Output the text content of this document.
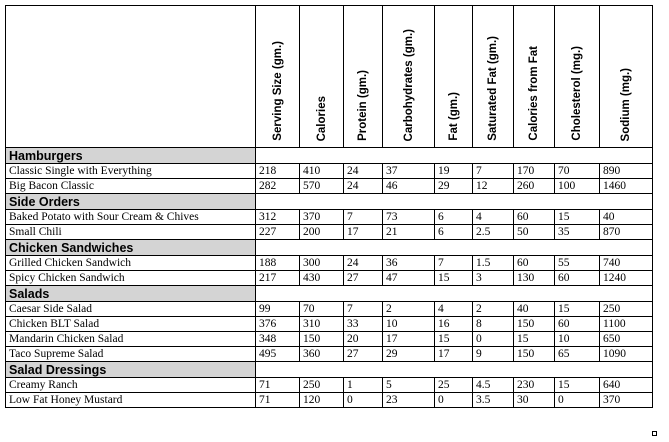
	Serving Size (gm.)	Calories	Protein (gm.)	Carbohydrates (gm.)	Fat (gm.)	Saturated Fat (gm.)	Calories from Fat	Cholesterol (mg.)	Sodium (mg.)

Hamburgers									
Classic Single with Everything	218	410	24	37	19	7	170	70	890
Big Bacon Classic	282	570	24	46	29	12	260	100	1460
Side Orders									
Baked Potato with Sour Cream & Chives	312	370	7	73	6	4	60	15	40
Small Chili	227	200	17	21	6	2.5	50	35	870
Chicken Sandwiches									
Grilled Chicken Sandwich	188	300	24	36	7	1.5	60	55	740
Spicy Chicken Sandwich	217	430	27	47	15	3	130	60	1240
Salads									
Caesar Side Salad	99	70	7	2	4	2	40	15	250
Chicken BLT Salad	376	310	33	10	16	8	150	60	1100
Mandarin Chicken Salad	348	150	20	17	15	0	15	10	650
Taco Supreme Salad	495	360	27	29	17	9	150	65	1090
Salad Dressings									
Creamy Ranch	71	250	1	5	25	4.5	230	15	640
Low Fat Honey Mustard	71	120	0	23	0	3.5	30	0	370
